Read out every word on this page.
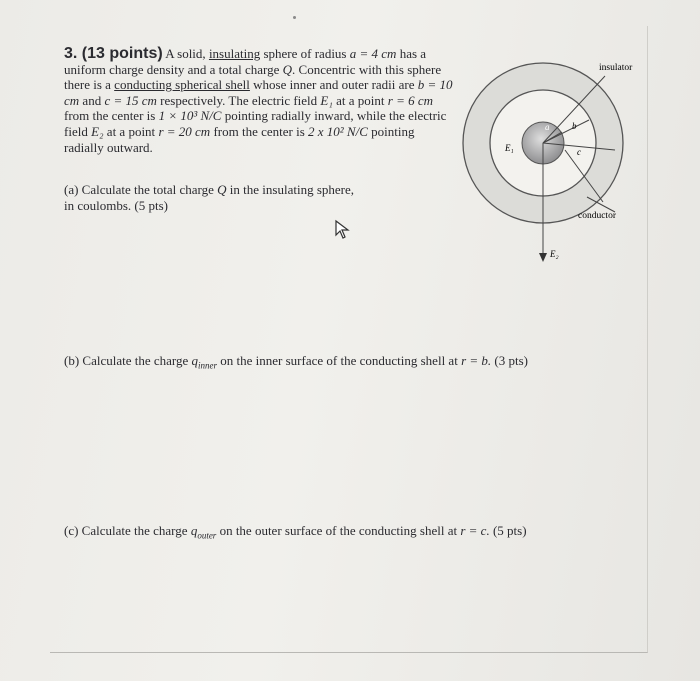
3. (13 points) A solid, insulating sphere of radius a = 4 cm has a uniform charge density and a total charge Q. Concentric with this sphere there is a conducting spherical shell whose inner and outer radii are b = 10 cm and c = 15 cm respectively. The electric field E₁ at a point r = 6 cm from the center is 1 × 10³ N/C pointing radially inward, while the electric field E₂ at a point r = 20 cm from the center is 2 x 10² N/C pointing radially outward.
(a) Calculate the total charge Q in the insulating sphere, in coulombs. (5 pts)
(b) Calculate the charge $q_{inner}$ on the inner surface of the conducting shell at r = b. (3 pts)
(c) Calculate the charge $q_{outer}$ on the outer surface of the conducting shell at r = c. (5 pts)
insulator
conductor
a	b
c
E₁
E₂
